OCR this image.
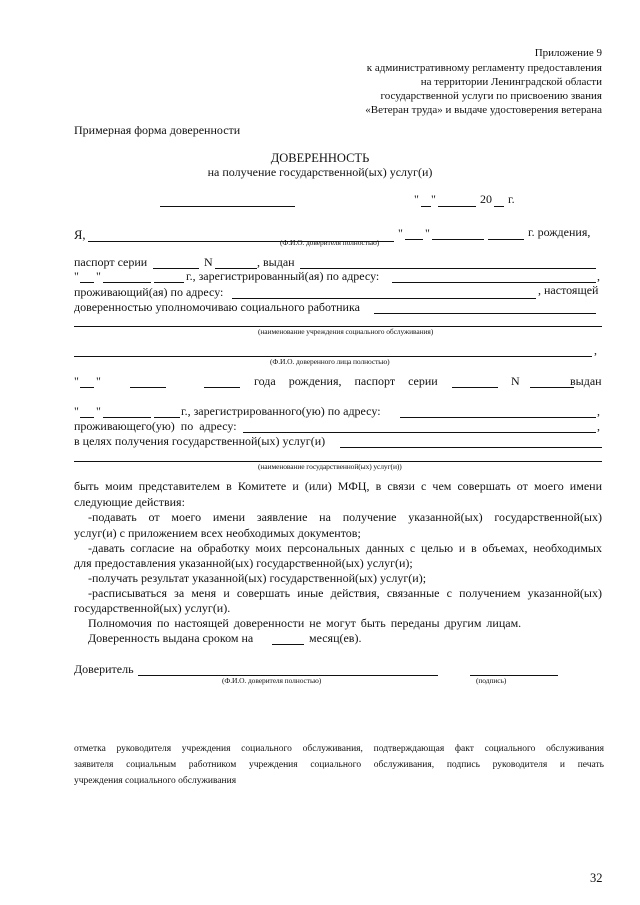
Приложение 9
к административному регламенту предоставления
на территории Ленинградской области
государственной услуги по присвоению звания
«Ветеран труда» и выдаче удостоверения ветерана
Примерная форма доверенности
ДОВЕРЕННОСТЬ
на получение государственной(ых) услуг(и)
" "	20 г.
Я,	" "	г. рождения,
(Ф.И.О. доверителя полностью)
паспорт серии	N	, выдан
" "	г., зарегистрированный(ая) по адресу:	,
проживающий(ая) по адресу:	, настоящей
доверенностью уполномочиваю социального работника
(наименование учреждения социального обслуживания)
,
(Ф.И.О. доверенного лица полностью)
" "	года рождения, паспорт серии	N	выдан
" "	г., зарегистрированного(ую) по адресу:	,
проживающего(ую) по адресу:	,
в целях получения государственной(ых) услуг(и)
(наименование государственной(ых) услуг(и))
быть моим представителем в Комитете и (или) МФЦ, в связи с чем совершать от моего имени
следующие действия:
-подавать от моего имени заявление на получение указанной(ых) государственной(ых)
услуг(и) с приложением всех необходимых документов;
-давать согласие на обработку моих персональных данных с целью и в объемах, необходимых
для предоставления указанной(ых) государственной(ых) услуг(и);
-получать результат указанной(ых) государственной(ых) услуг(и);
-расписываться за меня и совершать иные действия, связанные с получением указанной(ых)
государственной(ых) услуг(и).
Полномочия по настоящей доверенности не могут быть переданы другим лицам.
Доверенность выдана сроком на	месяц(ев).
Доверитель
(Ф.И.О. доверителя полностью)	(подпись)
отметка руководителя учреждения социального обслуживания, подтверждающая факт социального обслуживания
заявителя социальным работником учреждения социального обслуживания, подпись руководителя и печать
учреждения социального обслуживания
32
